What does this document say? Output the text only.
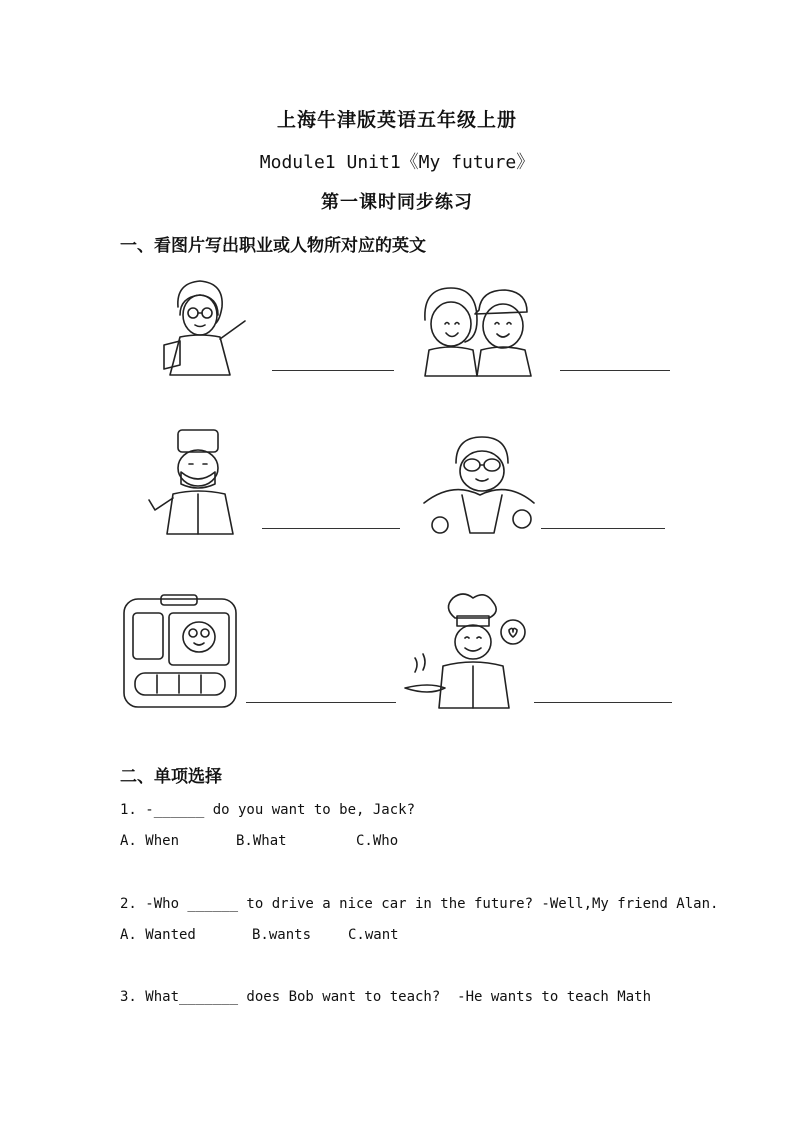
上海牛津版英语五年级上册
Module1 Unit1《My future》
第一课时同步练习
一、看图片写出职业或人物所对应的英文
二、单项选择
1. -______ do you want to be, Jack?
A. When	B.What	C.Who
2. -Who ______ to drive a nice car in the future? -Well,My friend Alan.
A. Wanted	B.wants	C.want
3. What_______ does Bob want to teach?  -He wants to teach Math
